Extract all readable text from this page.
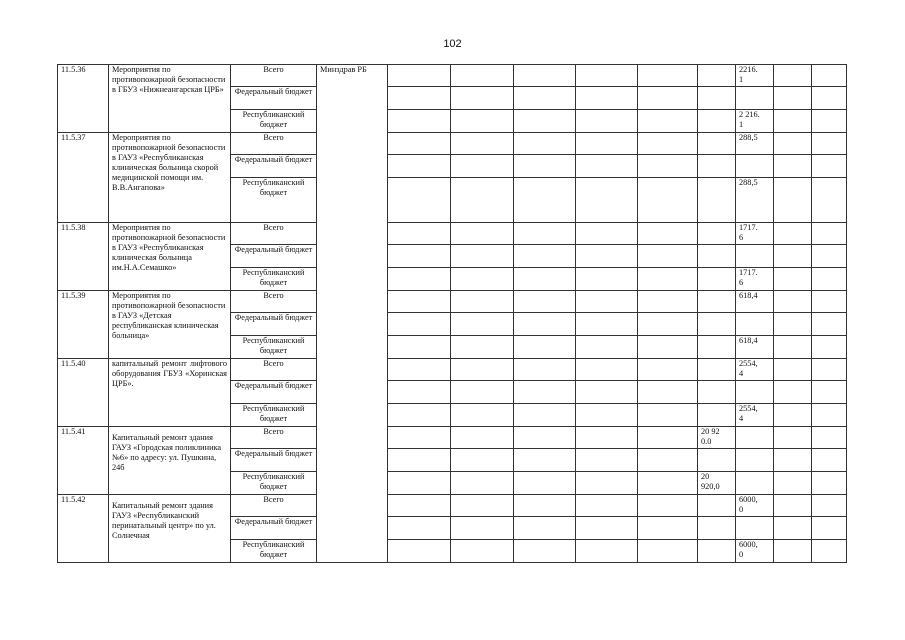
102
11.5.36	Мероприятия по противопожарной безопасности в ГБУЗ «Нижнеангарская ЦРБ»	Всего	Минздрав РБ							2216.
1		
		Федеральный бюджет										
		Республиканский бюджет								2 216.
1		
11.5.37	Мероприятия по противопожарной безопасности в ГАУЗ «Республиканская клиническая больница скорой медицинской помощи им. В.В.Ангапова»	Всего								288,5		
		Федеральный бюджет										
		Республиканский бюджет								288,5		
11.5.38	Мероприятия по противопожарной безопасности в ГАУЗ «Республиканская клиническая больница им.Н.А.Семашко»	Всего								1717.
6		
		Федеральный бюджет										
		Республиканский бюджет								1717.
6		
11.5.39	Мероприятия по противопожарной безопасности в ГАУЗ «Детская республиканская клиническая больница»	Всего								618,4		
		Федеральный бюджет										
		Республиканский бюджет								618,4		
11.5.40	капитальный ремонт лифтового оборудования ГБУЗ «Хоринская ЦРБ».	Всего								2554,
4		
		Федеральный бюджет										
		Республиканский бюджет								2554,
4		
11.5.41	Капитальный ремонт здания ГАУЗ «Городская поликлиника №6» по адресу: ул. Пушкина, 24б	Всего							20 92
0.0			
		Федеральный бюджет										
		Республиканский бюджет							20
920,0			
11.5.42	Капитальный ремонт здания ГАУЗ «Республиканский перинатальный центр» по ул. Солнечная	Всего								6000,
0		
		Федеральный бюджет										
		Республиканский бюджет								6000,
0		
